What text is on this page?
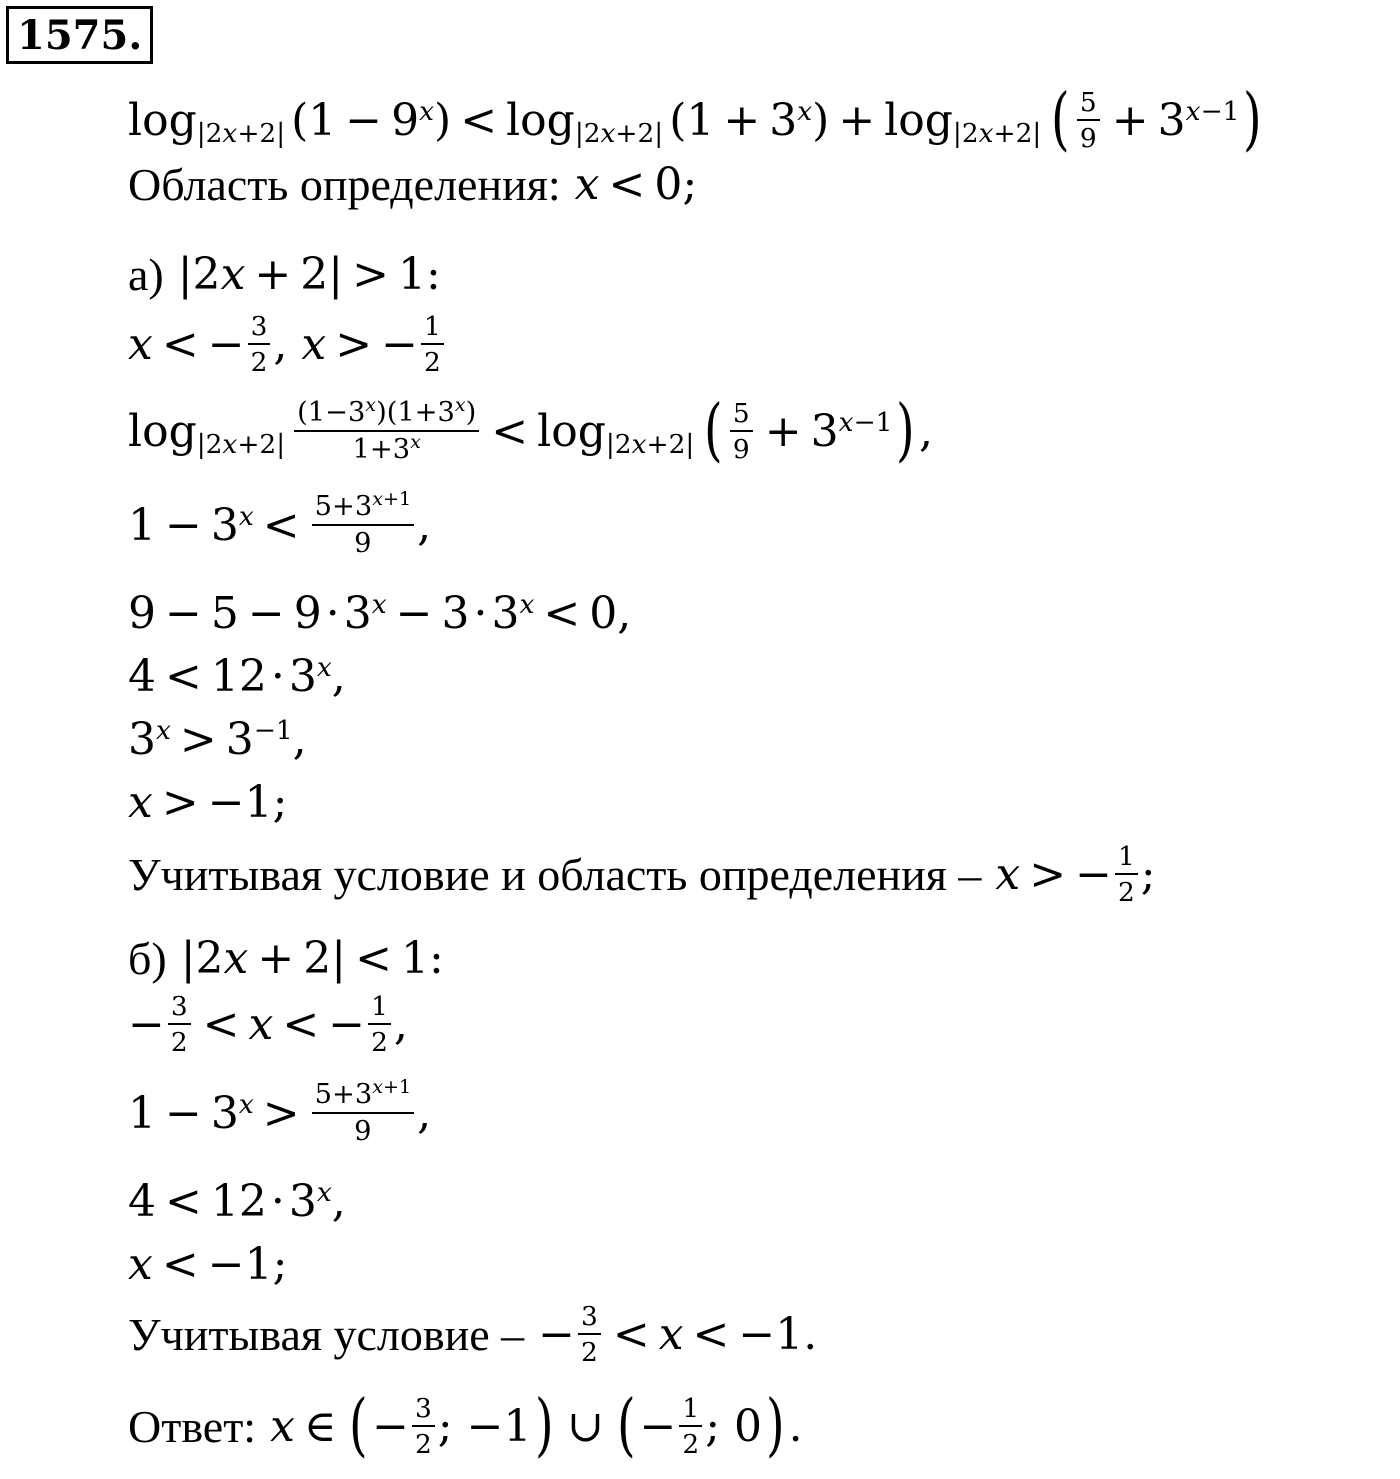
1575.
log |2x+2| $(1 - 9^x) < \log |2x+2|$ $(1 + 3^x) + \log |2x+2|$ ( $\frac{5}{9} + 3^{x-1}$ )
Область определения: x < 0;
а) |2x + 2| > 1:
x < − $\frac{3}{2}$ , x > − $\frac{1}{2}$
$\log |2x+2| \frac{(1-3^x)(1+3^x)}{1+3^x} < \log |2x+2|$ ( $\frac{5}{9} + 3^{x-1}$ ) ,
$1 - 3^x < \frac{5+3^{x+1}}{9}$ ,
$9 - 5 - 9 \cdot 3^x - 3 \cdot 3^x < 0$,
$4 < 12 \cdot 3^x$,
$3^x > 3^{-1}$,
x > −1;
Учитывая условие и область определения – x > − $\frac{1}{2}$ ;
б) |2x + 2| < 1:
− $\frac{3}{2} < x$ < − $\frac{1}{2}$ ,
$1 - 3^x > \frac{5+3^{x+1}}{9}$ ,
$4 < 12 \cdot 3^x$,
x < −1;
Учитывая условие – − $\frac{3}{2} < x < -1$.
Ответ: x ∈ ( − $\frac{3}{2}$ ; −1 ) ∪ ( − $\frac{1}{2}$ ; 0 ) .
